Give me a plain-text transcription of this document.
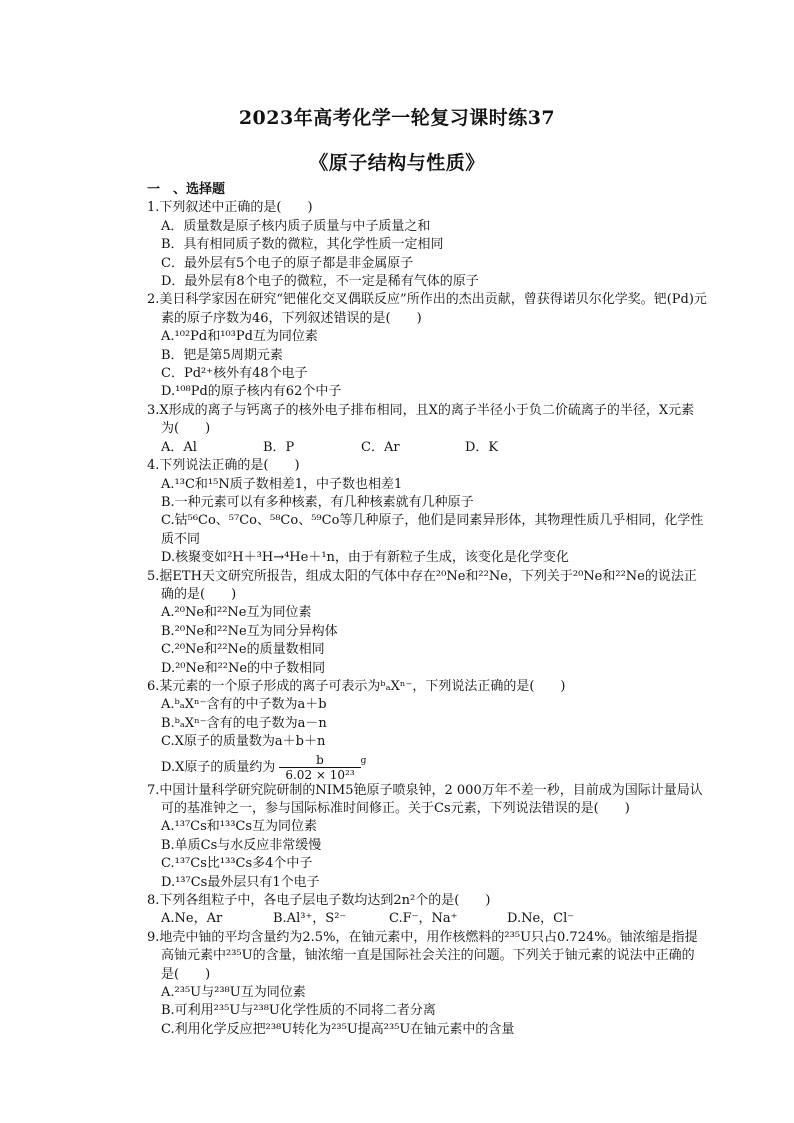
2023年高考化学一轮复习课时练37
《原子结构与性质》
一　、选择题
1.下列叙述中正确的是(　　)
A．质量数是原子核内质子质量与中子质量之和
B．具有相同质子数的微粒，其化学性质一定相同
C．最外层有5个电子的原子都是非金属原子
D．最外层有8个电子的微粒，不一定是稀有气体的原子
2.美日科学家因在研究“钯催化交叉偶联反应”所作出的杰出贡献，曾获得诺贝尔化学奖。钯(Pd)元素的原子序数为46，下列叙述错误的是(　　)
A.¹⁰²Pd和¹⁰³Pd互为同位素
B．钯是第5周期元素
C．Pd²⁺核外有48个电子
D.¹⁰⁸Pd的原子核内有62个中子
3.X形成的离子与钙离子的核外电子排布相同，且X的离子半径小于负二价硫离子的半径，X元素为(　　)
A．Al	B．P	C．Ar	D．K
4.下列说法正确的是(　　)
A.¹³C和¹⁵N质子数相差1，中子数也相差1
B.一种元素可以有多种核素，有几种核素就有几种原子
C.钴⁵⁶Co、⁵⁷Co、⁵⁸Co、⁵⁹Co等几种原子，他们是同素异形体，其物理性质几乎相同，化学性质不同
D.核聚变如²H＋³H→⁴He＋¹n，由于有新粒子生成，该变化是化学变化
5.据ETH天文研究所报告，组成太阳的气体中存在²⁰Ne和²²Ne，下列关于²⁰Ne和²²Ne的说法正确的是(　　)
A.²⁰Ne和²²Ne互为同位素
B.²⁰Ne和²²Ne互为同分异构体
C.²⁰Ne和²²Ne的质量数相同
D.²⁰Ne和²²Ne的中子数相同
6.某元素的一个原子形成的离子可表示为ᵇₐXⁿ⁻，下列说法正确的是(　　)
A.ᵇₐXⁿ⁻含有的中子数为a＋b
B.ᵇₐXⁿ⁻含有的电子数为a－n
C.X原子的质量数为a＋b＋n
D.X原子的质量约为 $\frac{b}{\text{6.02 × 10²³}} ^g$
7.中国计量科学研究院研制的NIM5铯原子喷泉钟，2 000万年不差一秒，目前成为国际计量局认可的基准钟之一，参与国际标准时间修正。关于Cs元素，下列说法错误的是(　　)
A.¹³⁷Cs和¹³³Cs互为同位素
B.单质Cs与水反应非常缓慢
C.¹³⁷Cs比¹³³Cs多4个中子
D.¹³⁷Cs最外层只有1个电子
8.下列各组粒子中，各电子层电子数均达到2n²个的是(　　)
A.Ne，Ar	B.Al³⁺，S²⁻	C.F⁻，Na⁺	D.Ne，Cl⁻
9.地壳中铀的平均含量约为2.5%，在铀元素中，用作核燃料的²³⁵U只占0.724%。铀浓缩是指提高铀元素中²³⁵U的含量，铀浓缩一直是国际社会关注的问题。下列关于铀元素的说法中正确的是(　　)
A.²³⁵U与²³⁸U互为同位素
B.可利用²³⁵U与²³⁸U化学性质的不同将二者分离
C.利用化学反应把²³⁸U转化为²³⁵U提高²³⁵U在铀元素中的含量
